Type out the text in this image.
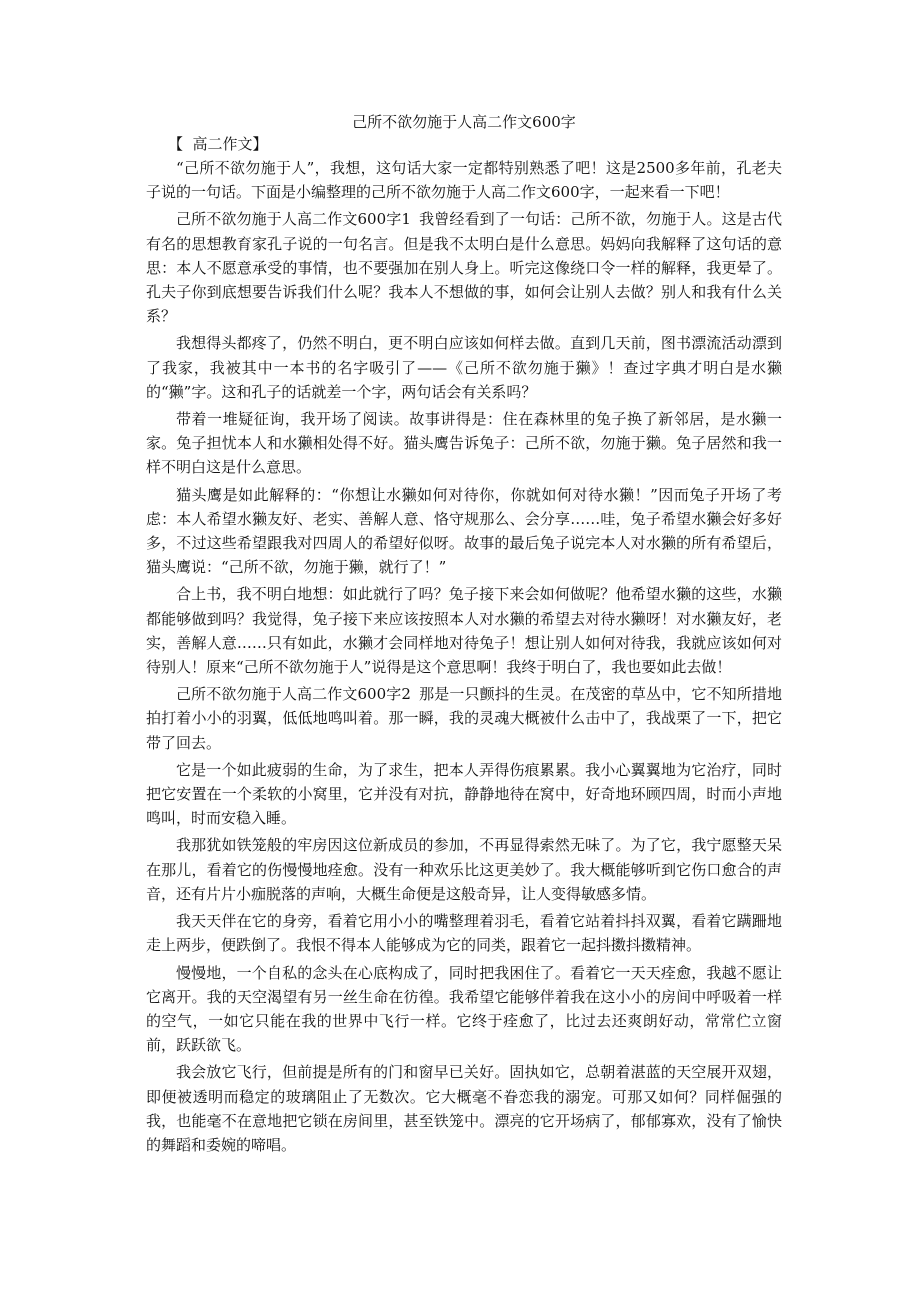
己所不欲勿施于人高二作文600字
【  高二作文】

“己所不欲勿施于人”，我想，这句话大家一定都特别熟悉了吧！这是2500多年前，孔老夫子说的一句话。下面是小编整理的己所不欲勿施于人高二作文600字，一起来看一下吧！

己所不欲勿施于人高二作文600字1 我曾经看到了一句话：己所不欲，勿施于人。这是古代有名的思想教育家孔子说的一句名言。但是我不太明白是什么意思。妈妈向我解释了这句话的意思：本人不愿意承受的事情，也不要强加在别人身上。听完这像绕口令一样的解释，我更晕了。孔夫子你到底想要告诉我们什么呢？我本人不想做的事，如何会让别人去做？别人和我有什么关系？

我想得头都疼了，仍然不明白，更不明白应该如何样去做。直到几天前，图书漂流活动漂到了我家，我被其中一本书的名字吸引了——《己所不欲勿施于獭》！查过字典才明白是水獭的“獭”字。这和孔子的话就差一个字，两句话会有关系吗？

带着一堆疑征询，我开场了阅读。故事讲得是：住在森林里的兔子换了新邻居，是水獭一家。兔子担忧本人和水獭相处得不好。猫头鹰告诉兔子：己所不欲，勿施于獭。兔子居然和我一样不明白这是什么意思。

猫头鹰是如此解释的：“你想让水獭如何对待你，你就如何对待水獭！”因而兔子开场了考虑：本人希望水獭友好、老实、善解人意、恪守规那么、会分享……哇，兔子希望水獭会好多好多，不过这些希望跟我对四周人的希望好似呀。故事的最后兔子说完本人对水獭的所有希望后，猫头鹰说：“己所不欲，勿施于獭，就行了！”

合上书，我不明白地想：如此就行了吗？兔子接下来会如何做呢？他希望水獭的这些，水獭都能够做到吗？我觉得，兔子接下来应该按照本人对水獭的希望去对待水獭呀！对水獭友好，老实，善解人意……只有如此，水獭才会同样地对待兔子！想让别人如何对待我，我就应该如何对待别人！原来“己所不欲勿施于人”说得是这个意思啊！我终于明白了，我也要如此去做！

己所不欲勿施于人高二作文600字2 那是一只颤抖的生灵。在茂密的草丛中，它不知所措地拍打着小小的羽翼，低低地鸣叫着。那一瞬，我的灵魂大概被什么击中了，我战栗了一下，把它带了回去。

它是一个如此疲弱的生命，为了求生，把本人弄得伤痕累累。我小心翼翼地为它治疗，同时把它安置在一个柔软的小窝里，它并没有对抗，静静地待在窝中，好奇地环顾四周，时而小声地鸣叫，时而安稳入睡。

我那犹如铁笼般的牢房因这位新成员的参加，不再显得索然无味了。为了它，我宁愿整天呆在那儿，看着它的伤慢慢地痊愈。没有一种欢乐比这更美妙了。我大概能够听到它伤口愈合的声音，还有片片小痂脱落的声响，大概生命便是这般奇异，让人变得敏感多情。

我天天伴在它的身旁，看着它用小小的嘴整理着羽毛，看着它站着抖抖双翼，看着它蹒跚地走上两步，便跌倒了。我恨不得本人能够成为它的同类，跟着它一起抖擞抖擞精神。

慢慢地，一个自私的念头在心底构成了，同时把我困住了。看着它一天天痊愈，我越不愿让它离开。我的天空渴望有另一丝生命在彷徨。我希望它能够伴着我在这小小的房间中呼吸着一样的空气，一如它只能在我的世界中飞行一样。它终于痊愈了，比过去还爽朗好动，常常伫立窗前，跃跃欲飞。

我会放它飞行，但前提是所有的门和窗早已关好。固执如它，总朝着湛蓝的天空展开双翅，即便被透明而稳定的玻璃阻止了无数次。它大概毫不眷恋我的溺宠。可那又如何？同样倔强的我，也能毫不在意地把它锁在房间里，甚至铁笼中。漂亮的它开场病了，郁郁寡欢，没有了愉快的舞蹈和委婉的啼唱。
